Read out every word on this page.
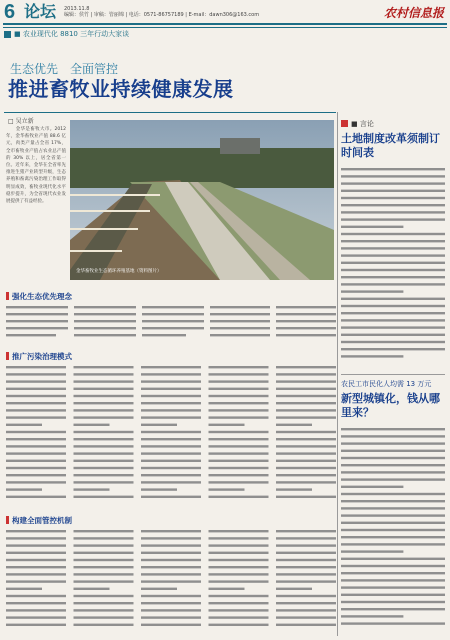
6 论坛 2013.11.8
编辑：侯竹 | 审稿：管丽锦 | 电话：0571-86757189 | E-mail：dawn306@163.com	农村信息报
■ 农业现代化 8810 三年行动大家谈
生态优先　全面管控
推进畜牧业持续健康发展
□ 吴立新
　　金华是畜牧大市。2012年，金华畜牧业产值 88.6 亿元，肉类产量占全省 17%，全市畜牧业产值占农业总产值的 30% 以上，居全省第一位。近年来，金华在全省率先推进生猪产业转型升级，生态养殖和畜禽污染治理工作取得明显成效，畜牧业现代化水平稳步提升，为全省现代农业发展提供了有益经验。
金华畜牧业生态循环养殖基地（资料图片）
强化生态优先理念
推广污染治理模式
构建全面管控机制
■ 言论
土地制度改革须制订时间表
农民工市民化人均需 13 万元
新型城镇化，钱从哪里来？
